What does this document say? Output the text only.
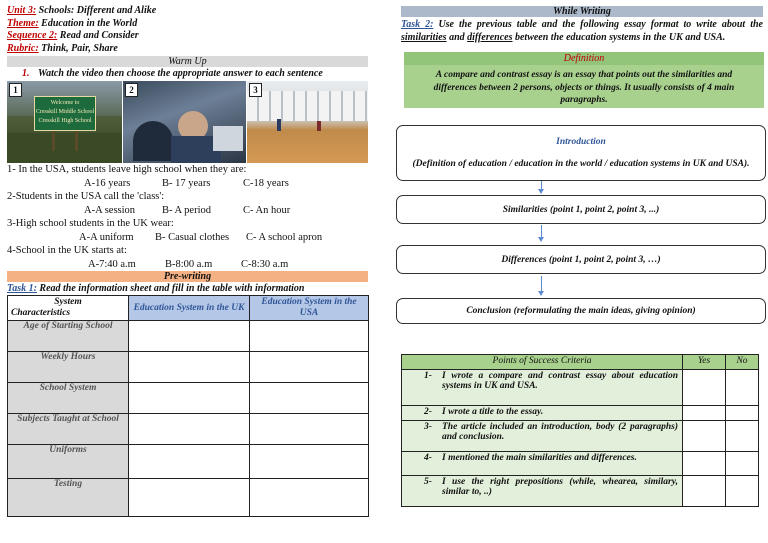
Unit 3: Schools: Different and Alike
Theme: Education in the World
Sequence 2: Read and Consider
Rubric: Think, Pair, Share
Warm Up
1. Watch the video then choose the appropriate answer to each sentence
Welcome to
Cresskill Middle School
Cresskill High School
1	2	3
1- In the USA, students leave high school when they are:
A-16 years	B- 17 years	C-18 years
2-Students in the USA call the 'class':
A-A session	B- A period	C- An hour
3-High school students in the UK wear:
A-A uniform B- Casual clothes C- A school apron
4-School in the UK starts at:
A-7:40 a.m	B-8:00 a.m	C-8:30 a.m
Pre-writing
Task 1: Read the information sheet and fill in the table with information
System
Characteristics	Education System in the UK	Education System in the USA
Age of Starting School		
Weekly Hours		
School System		
Subjects Taught at School		
Uniforms		
Testing		
While Writing
Task 2: Use the previous table and the following essay format to write about the similarities and differences between the education systems in the UK and USA.
Definition
A compare and contrast essay is an essay that points out the similarities and differences between 2 persons, objects or things. It usually consists of 4 main paragraphs.
Introduction
(Definition of education / education in the world / education systems in UK and USA).
Similarities (point 1, point 2, point 3, ...)
Differences (point 1, point 2, point 3, …)
Conclusion (reformulating the main ideas, giving opinion)
Points of Success Criteria	Yes	No

1- I wrote a compare and contrast essay about education systems in UK and USA.		

2- I wrote a title to the essay.		

3- The article included an introduction, body (2 paragraphs) and conclusion.		

4- I mentioned the main similarities and differences.		

5- I use the right prepositions (while, whearea, similary, similar to, ..)		
